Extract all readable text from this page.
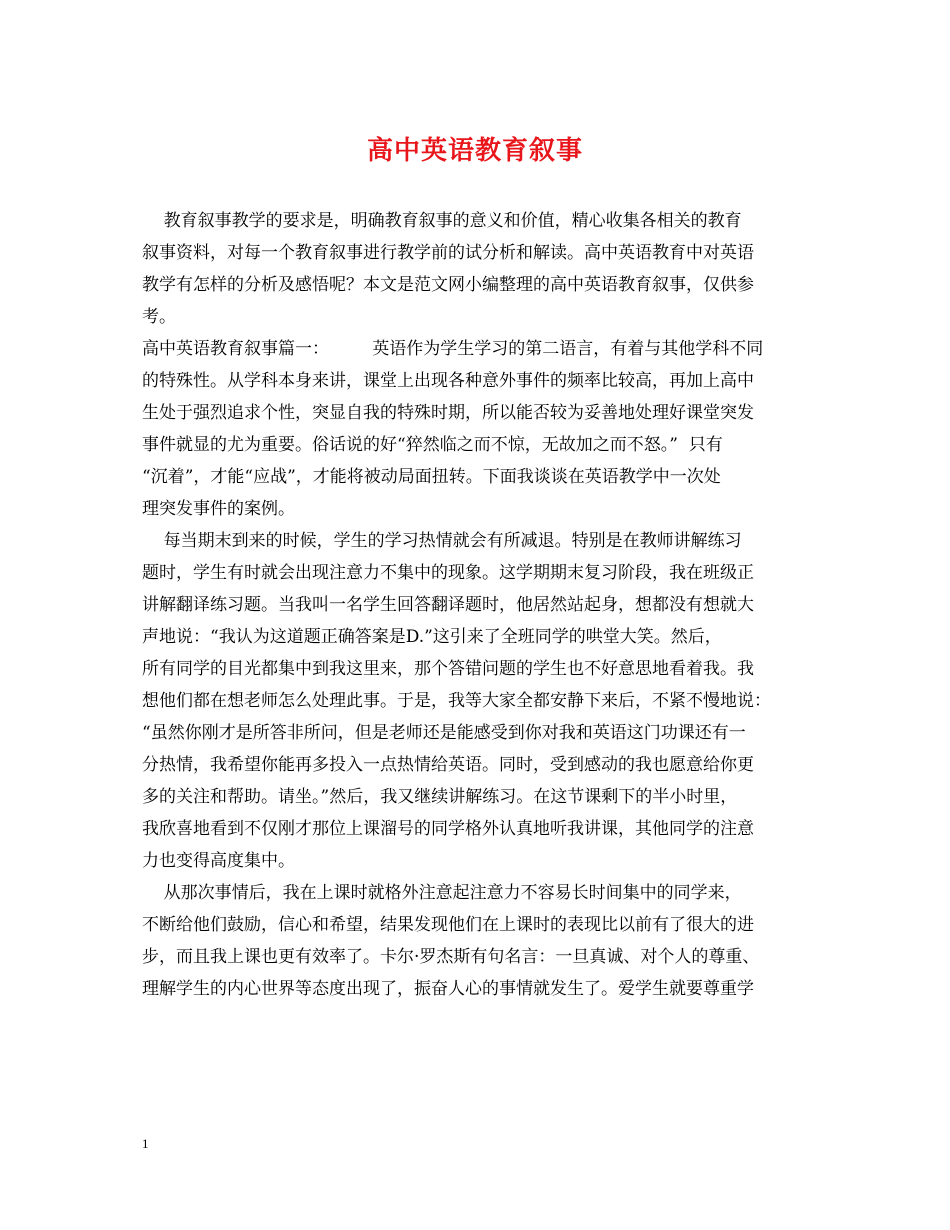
高中英语教育叙事
教育叙事教学的要求是，明确教育叙事的意义和价值，精心收集各相关的教育
叙事资料，对每一个教育叙事进行教学前的试分析和解读。高中英语教育中对英语
教学有怎样的分析及感悟呢？本文是范文网小编整理的高中英语教育叙事，仅供参
考。
高中英语教育叙事篇一：        英语作为学生学习的第二语言，有着与其他学科不同
的特殊性。从学科本身来讲，课堂上出现各种意外事件的频率比较高，再加上高中
生处于强烈追求个性，突显自我的特殊时期，所以能否较为妥善地处理好课堂突发
事件就显的尤为重要。俗话说的好“猝然临之而不惊，无故加之而不怒。”  只有
“沉着”，才能“应战”，才能将被动局面扭转。下面我谈谈在英语教学中一次处
理突发事件的案例。
每当期末到来的时候，学生的学习热情就会有所减退。特别是在教师讲解练习
题时，学生有时就会出现注意力不集中的现象。这学期期末复习阶段，我在班级正
讲解翻译练习题。当我叫一名学生回答翻译题时，他居然站起身，想都没有想就大
声地说：“我认为这道题正确答案是D.”这引来了全班同学的哄堂大笑。然后，
所有同学的目光都集中到我这里来，那个答错问题的学生也不好意思地看着我。我
想他们都在想老师怎么处理此事。于是，我等大家全都安静下来后，不紧不慢地说：
“虽然你刚才是所答非所问，但是老师还是能感受到你对我和英语这门功课还有一
分热情，我希望你能再多投入一点热情给英语。同时，受到感动的我也愿意给你更
多的关注和帮助。请坐。”然后，我又继续讲解练习。在这节课剩下的半小时里，
我欣喜地看到不仅刚才那位上课溜号的同学格外认真地听我讲课，其他同学的注意
力也变得高度集中。
从那次事情后，我在上课时就格外注意起注意力不容易长时间集中的同学来，
不断给他们鼓励，信心和希望，结果发现他们在上课时的表现比以前有了很大的进
步，而且我上课也更有效率了。卡尔·罗杰斯有句名言：一旦真诚、对个人的尊重、
理解学生的内心世界等态度出现了，振奋人心的事情就发生了。爱学生就要尊重学
1
